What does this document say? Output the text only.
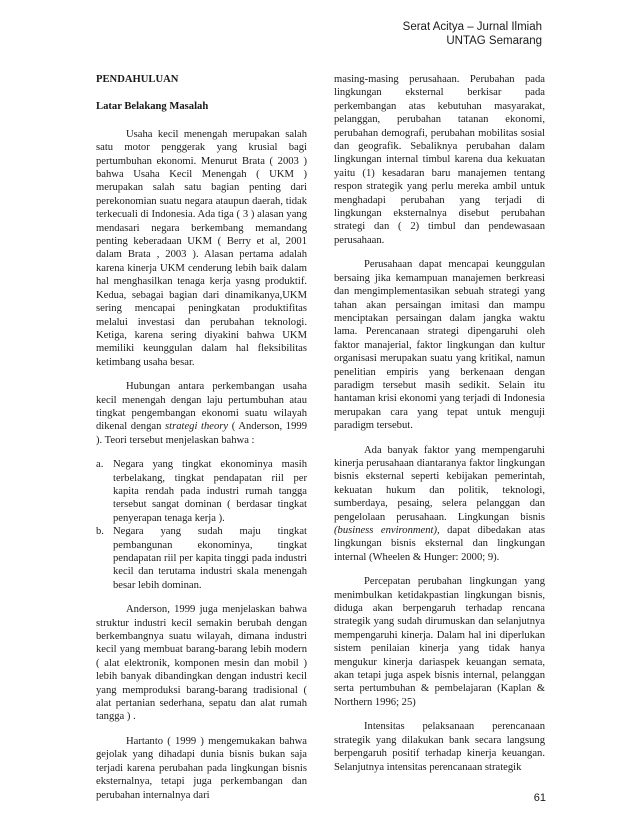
Serat Acitya – Jurnal Ilmiah
UNTAG Semarang
PENDAHULUAN
Latar Belakang Masalah

Usaha kecil menengah merupakan salah satu motor penggerak yang krusial bagi pertumbuhan ekonomi. Menurut Brata ( 2003 ) bahwa Usaha Kecil Menengah ( UKM ) merupakan salah satu bagian penting dari perekonomian suatu negara ataupun daerah, tidak terkecuali di Indonesia. Ada tiga ( 3 ) alasan yang mendasari negara berkembang memandang penting keberadaan UKM ( Berry et al, 2001 dalam Brata , 2003 ). Alasan pertama adalah karena kinerja UKM cenderung lebih baik dalam hal menghasilkan tenaga kerja yasng produktif. Kedua, sebagai bagian dari dinamikanya,UKM sering mencapai peningkatan produktifitas melalui investasi dan perubahan teknologi. Ketiga, karena sering diyakini bahwa UKM memiliki keunggulan dalam hal fleksibilitas ketimbang usaha besar.

Hubungan antara perkembangan usaha kecil menengah dengan laju pertumbuhan atau tingkat pengembangan ekonomi suatu wilayah dikenal dengan strategi theory ( Anderson, 1999 ). Teori tersebut menjelaskan bahwa :

a. Negara yang tingkat ekonominya masih terbelakang, tingkat pendapatan riil per kapita rendah pada industri rumah tangga tersebut sangat dominan ( berdasar tingkat penyerapan tenaga kerja ).
b. Negara yang sudah maju tingkat pembangunan ekonominya, tingkat pendapatan riil per kapita tinggi pada industri kecil dan terutama industri skala menengah besar lebih dominan.

Anderson, 1999 juga menjelaskan bahwa struktur industri kecil semakin berubah dengan berkembangnya suatu wilayah, dimana industri kecil yang membuat barang-barang lebih modern ( alat elektronik, komponen mesin dan mobil ) lebih banyak dibandingkan dengan industri kecil yang memproduksi barang-barang tradisional ( alat pertanian sederhana, sepatu dan alat rumah tangga ) .

Hartanto ( 1999 ) mengemukakan bahwa gejolak yang dihadapi dunia bisnis bukan saja terjadi karena perubahan pada lingkungan bisnis eksternalnya, tetapi juga perkembangan dan perubahan internalnya dari

masing-masing perusahaan. Perubahan pada lingkungan eksternal berkisar pada perkembangan atas kebutuhan masyarakat, pelanggan, perubahan tatanan ekonomi, perubahan demografi, perubahan mobilitas sosial dan geografik. Sebaliknya perubahan dalam lingkungan internal timbul karena dua kekuatan yaitu (1) kesadaran baru manajemen tentang respon strategik yang perlu mereka ambil untuk menghadapi perubahan yang terjadi di lingkungan eksternalnya disebut perubahan strategi dan ( 2) timbul dan pendewasaan perusahaan.

Perusahaan dapat mencapai keunggulan bersaing jika kemampuan manajemen berkreasi dan mengimplementasikan sebuah strategi yang tahan akan persaingan imitasi dan mampu menciptakan persaingan dalam jangka waktu lama. Perencanaan strategi dipengaruhi oleh faktor manajerial, faktor lingkungan dan kultur organisasi merupakan suatu yang kritikal, namun penelitian empiris yang berkenaan dengan paradigm tersebut masih sedikit. Selain itu hantaman krisi ekonomi yang terjadi di Indonesia merupakan cara yang tepat untuk menguji paradigm tersebut.

Ada banyak faktor yang mempengaruhi kinerja perusahaan diantaranya faktor lingkungan bisnis eksternal seperti kebijakan pemerintah, kekuatan hukum dan politik, teknologi, sumberdaya, pesaing, selera pelanggan dan pengelolaan perusahaan. Lingkungan bisnis (business environment), dapat dibedakan atas lingkungan bisnis eksternal dan lingkungan internal (Wheelen & Hunger: 2000; 9).

Percepatan perubahan lingkungan yang menimbulkan ketidakpastian lingkungan bisnis, diduga akan berpengaruh terhadap rencana strategik yang sudah dirumuskan dan selanjutnya mempengaruhi kinerja. Dalam hal ini diperlukan sistem penilaian kinerja yang tidak hanya mengukur kinerja dariaspek keuangan semata, akan tetapi juga aspek bisnis internal, pelanggan serta pertumbuhan & pembelajaran (Kaplan & Northern 1996; 25)

Intensitas pelaksanaan perencanaan strategik yang dilakukan bank secara langsung berpengaruh positif terhadap kinerja keuangan. Selanjutnya intensitas perencanaan strategik

61
